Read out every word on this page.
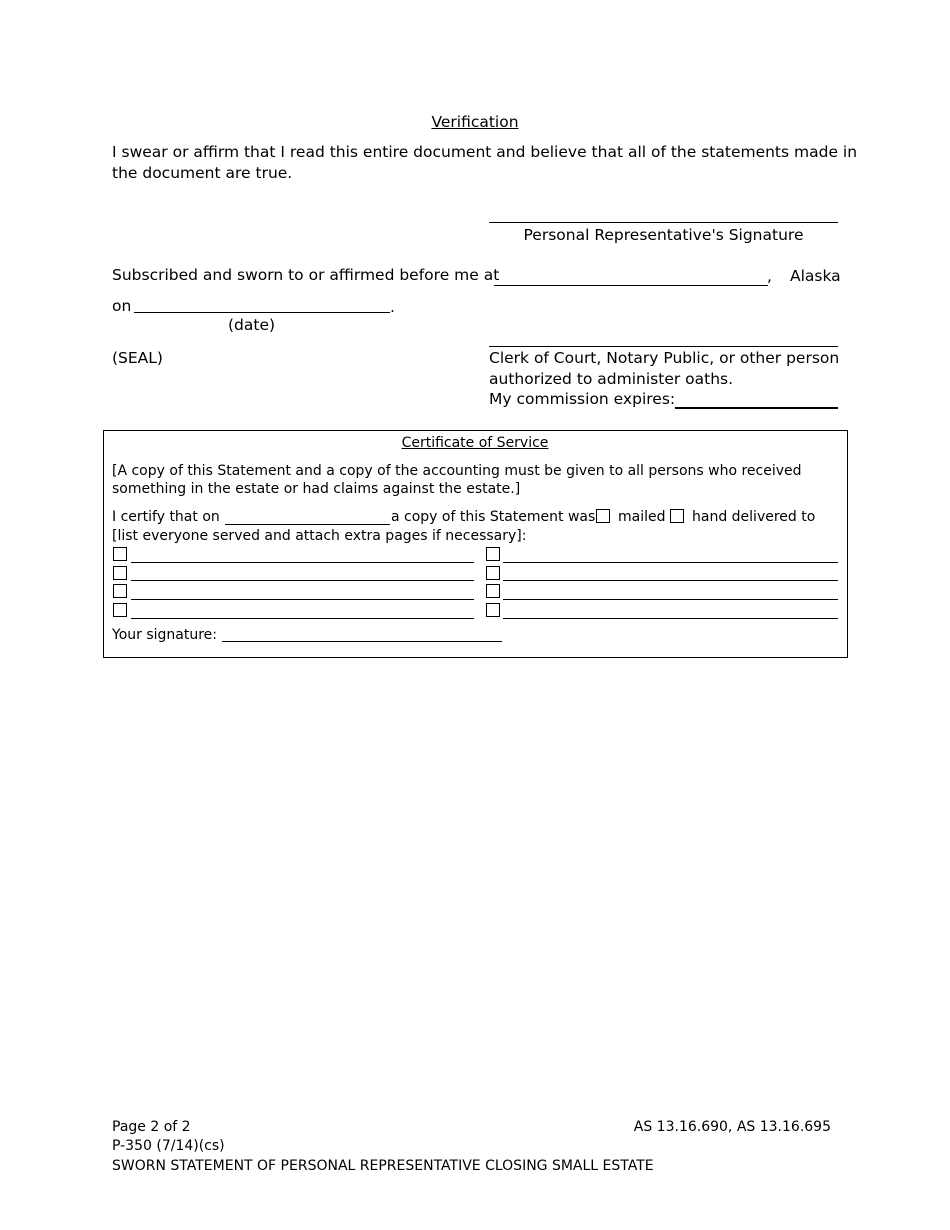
Verification
I swear or affirm that I read this entire document and believe that all of the statements made in
the document are true.
Personal Representative's Signature
Subscribed and sworn to or affirmed before me at	, Alaska
on	.
(date)
(SEAL)	Clerk of Court, Notary Public, or other person
authorized to administer oaths.
My commission expires:
Certificate of Service
[A copy of this Statement and a copy of the accounting must be given to all persons who received
something in the estate or had claims against the estate.]
I certify that on	a copy of this Statement was mailed hand delivered to
[list everyone served and attach extra pages if necessary]:
Your signature:
Page 2 of 2
P-350 (7/14)(cs)
SWORN STATEMENT OF PERSONAL REPRESENTATIVE CLOSING SMALL ESTATE
AS 13.16.690, AS 13.16.695
